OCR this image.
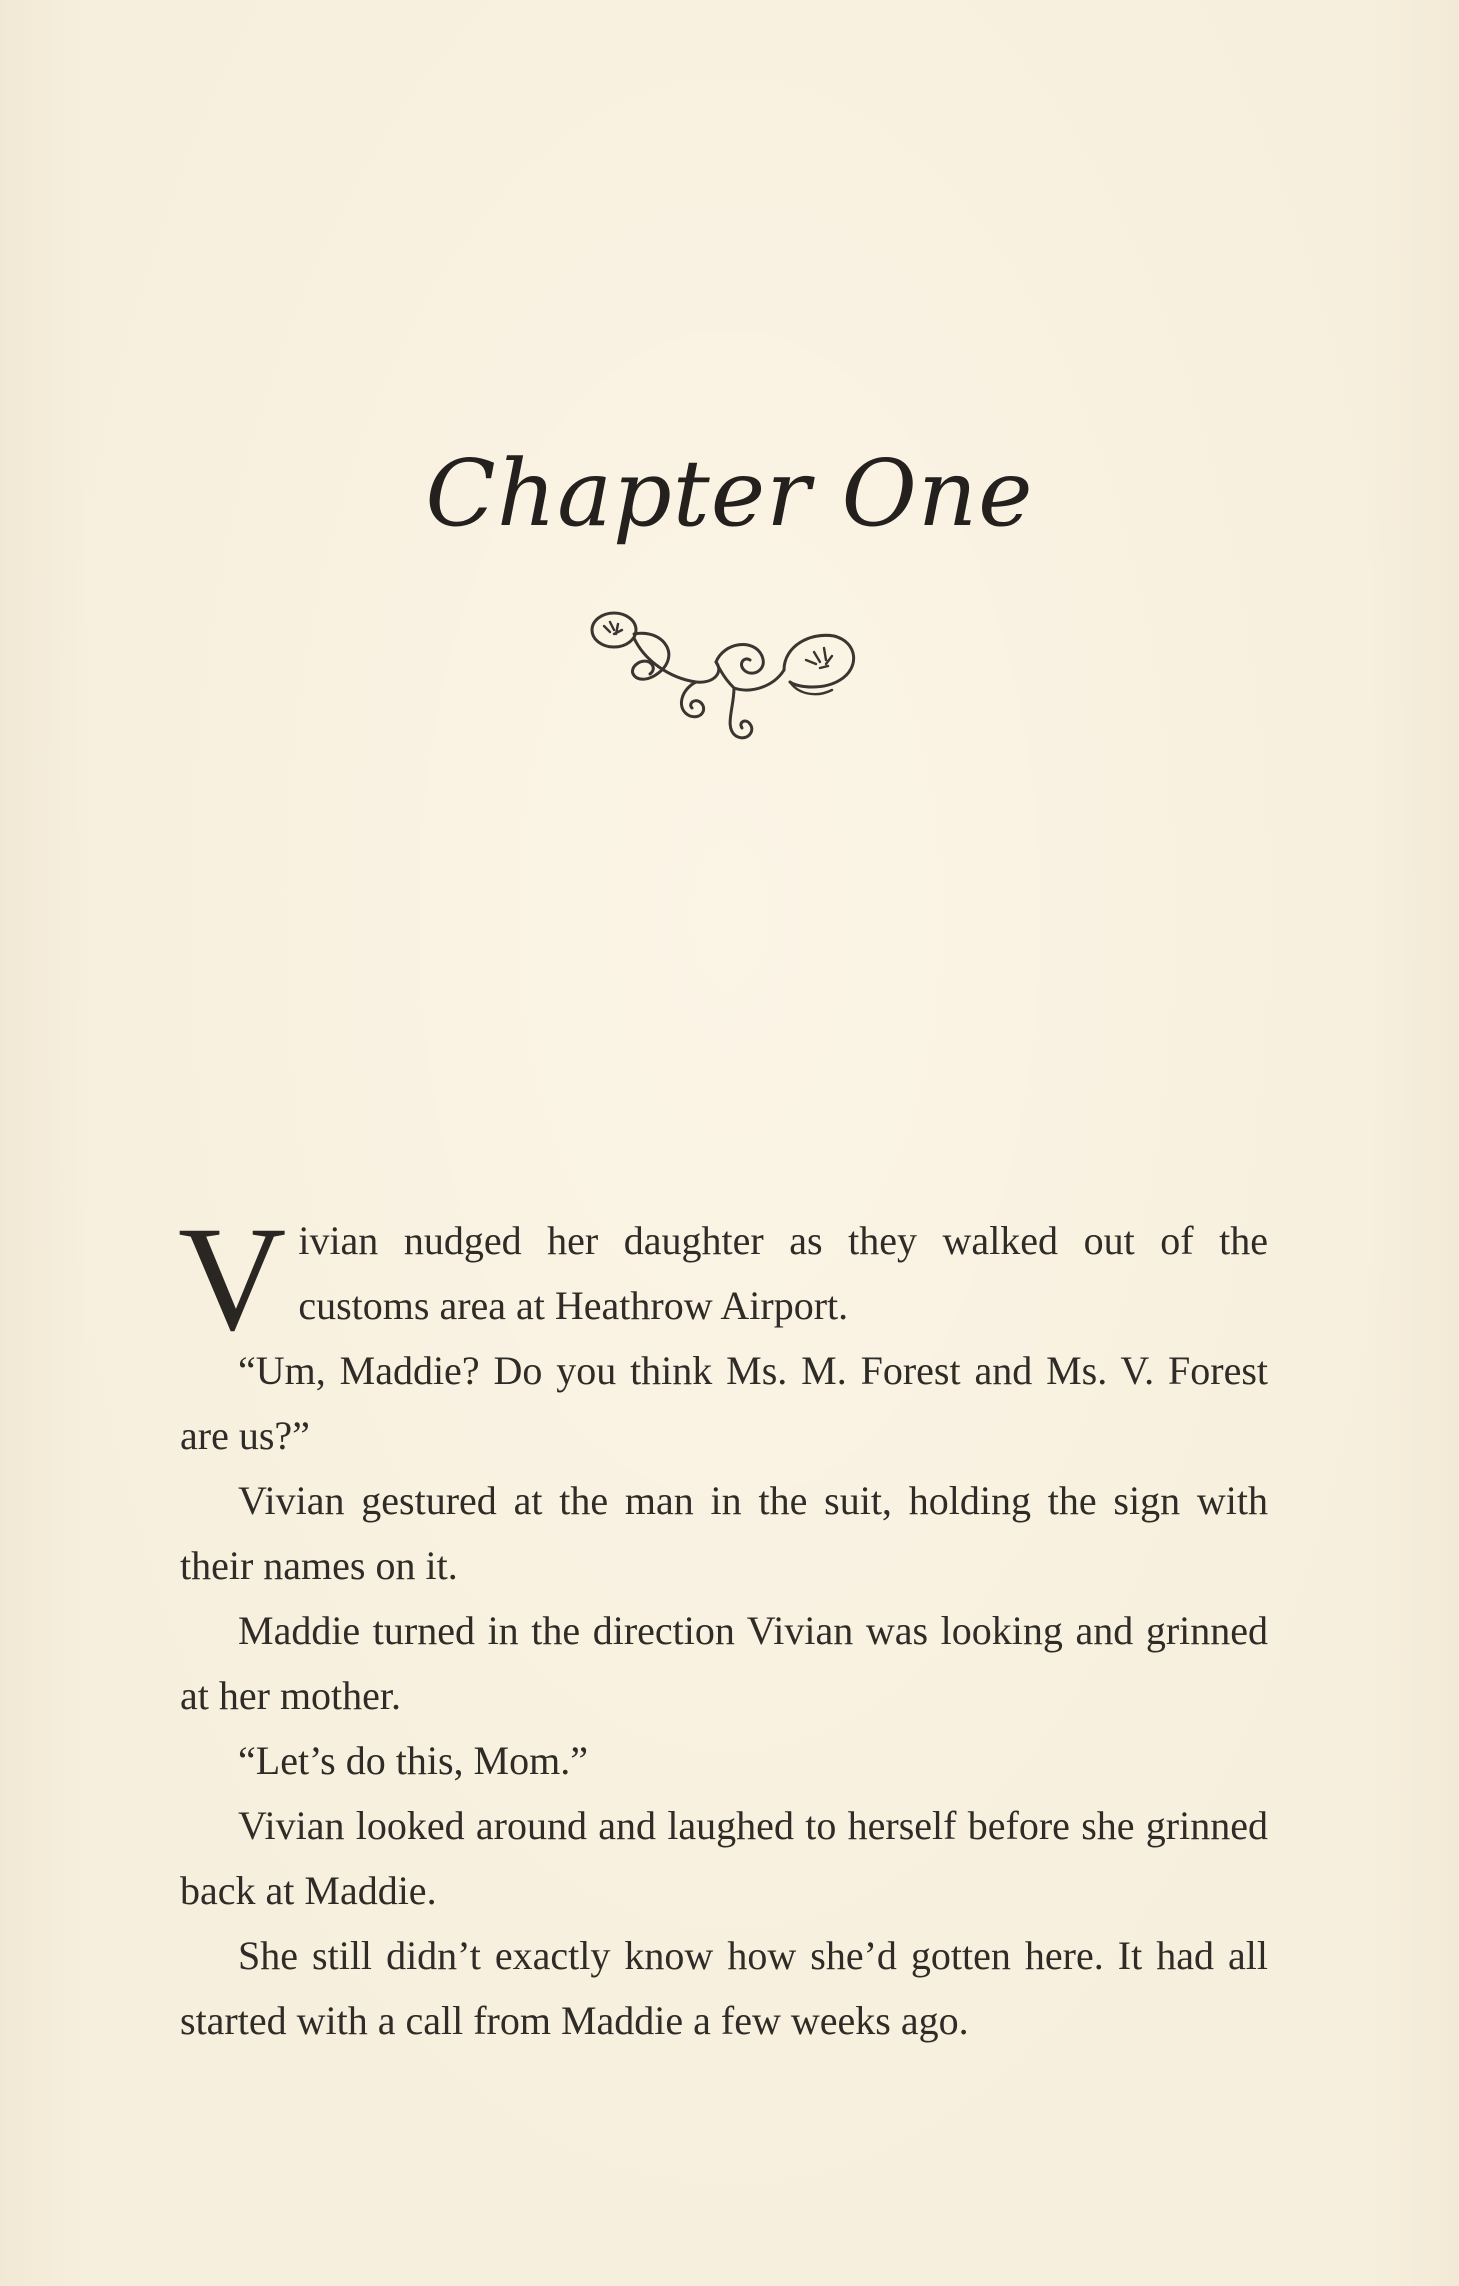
Chapter One

Vivian nudged her daughter as they walked out of the customs area at Heathrow Airport.

“Um, Maddie? Do you think Ms. M. Forest and Ms. V. Forest are us?”

Vivian gestured at the man in the suit, holding the sign with their names on it.

Maddie turned in the direction Vivian was looking and grinned at her mother.

“Let’s do this, Mom.”

Vivian looked around and laughed to herself before she grinned back at Maddie.

She still didn’t exactly know how she’d gotten here. It had all started with a call from Maddie a few weeks ago.
